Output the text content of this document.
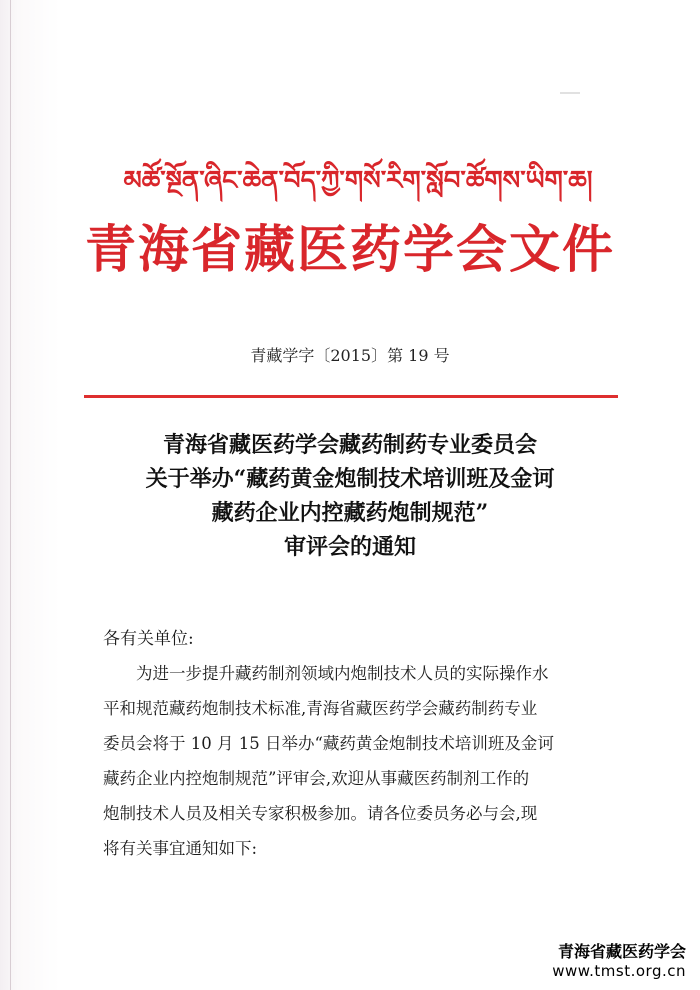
མཚོ་སྔོན་ཞིང་ཆེན་བོད་ཀྱི་གསོ་རིག་སློབ་ཚོགས་ཡིག་ཆ།
青海省藏医药学会文件
青藏学字〔2015〕第 19 号
青海省藏医药学会藏药制药专业委员会
关于举办“藏药黄金炮制技术培训班及金诃
藏药企业内控藏药炮制规范”
审评会的通知
各有关单位:
为进一步提升藏药制剂领域内炮制技术人员的实际操作水
平和规范藏药炮制技术标准,青海省藏医药学会藏药制药专业
委员会将于 10 月 15 日举办“藏药黄金炮制技术培训班及金诃
藏药企业内控炮制规范”评审会,欢迎从事藏医药制剂工作的
炮制技术人员及相关专家积极参加。请各位委员务必与会,现
将有关事宜通知如下:
青海省藏医药学会
www.tmst.org.cn
